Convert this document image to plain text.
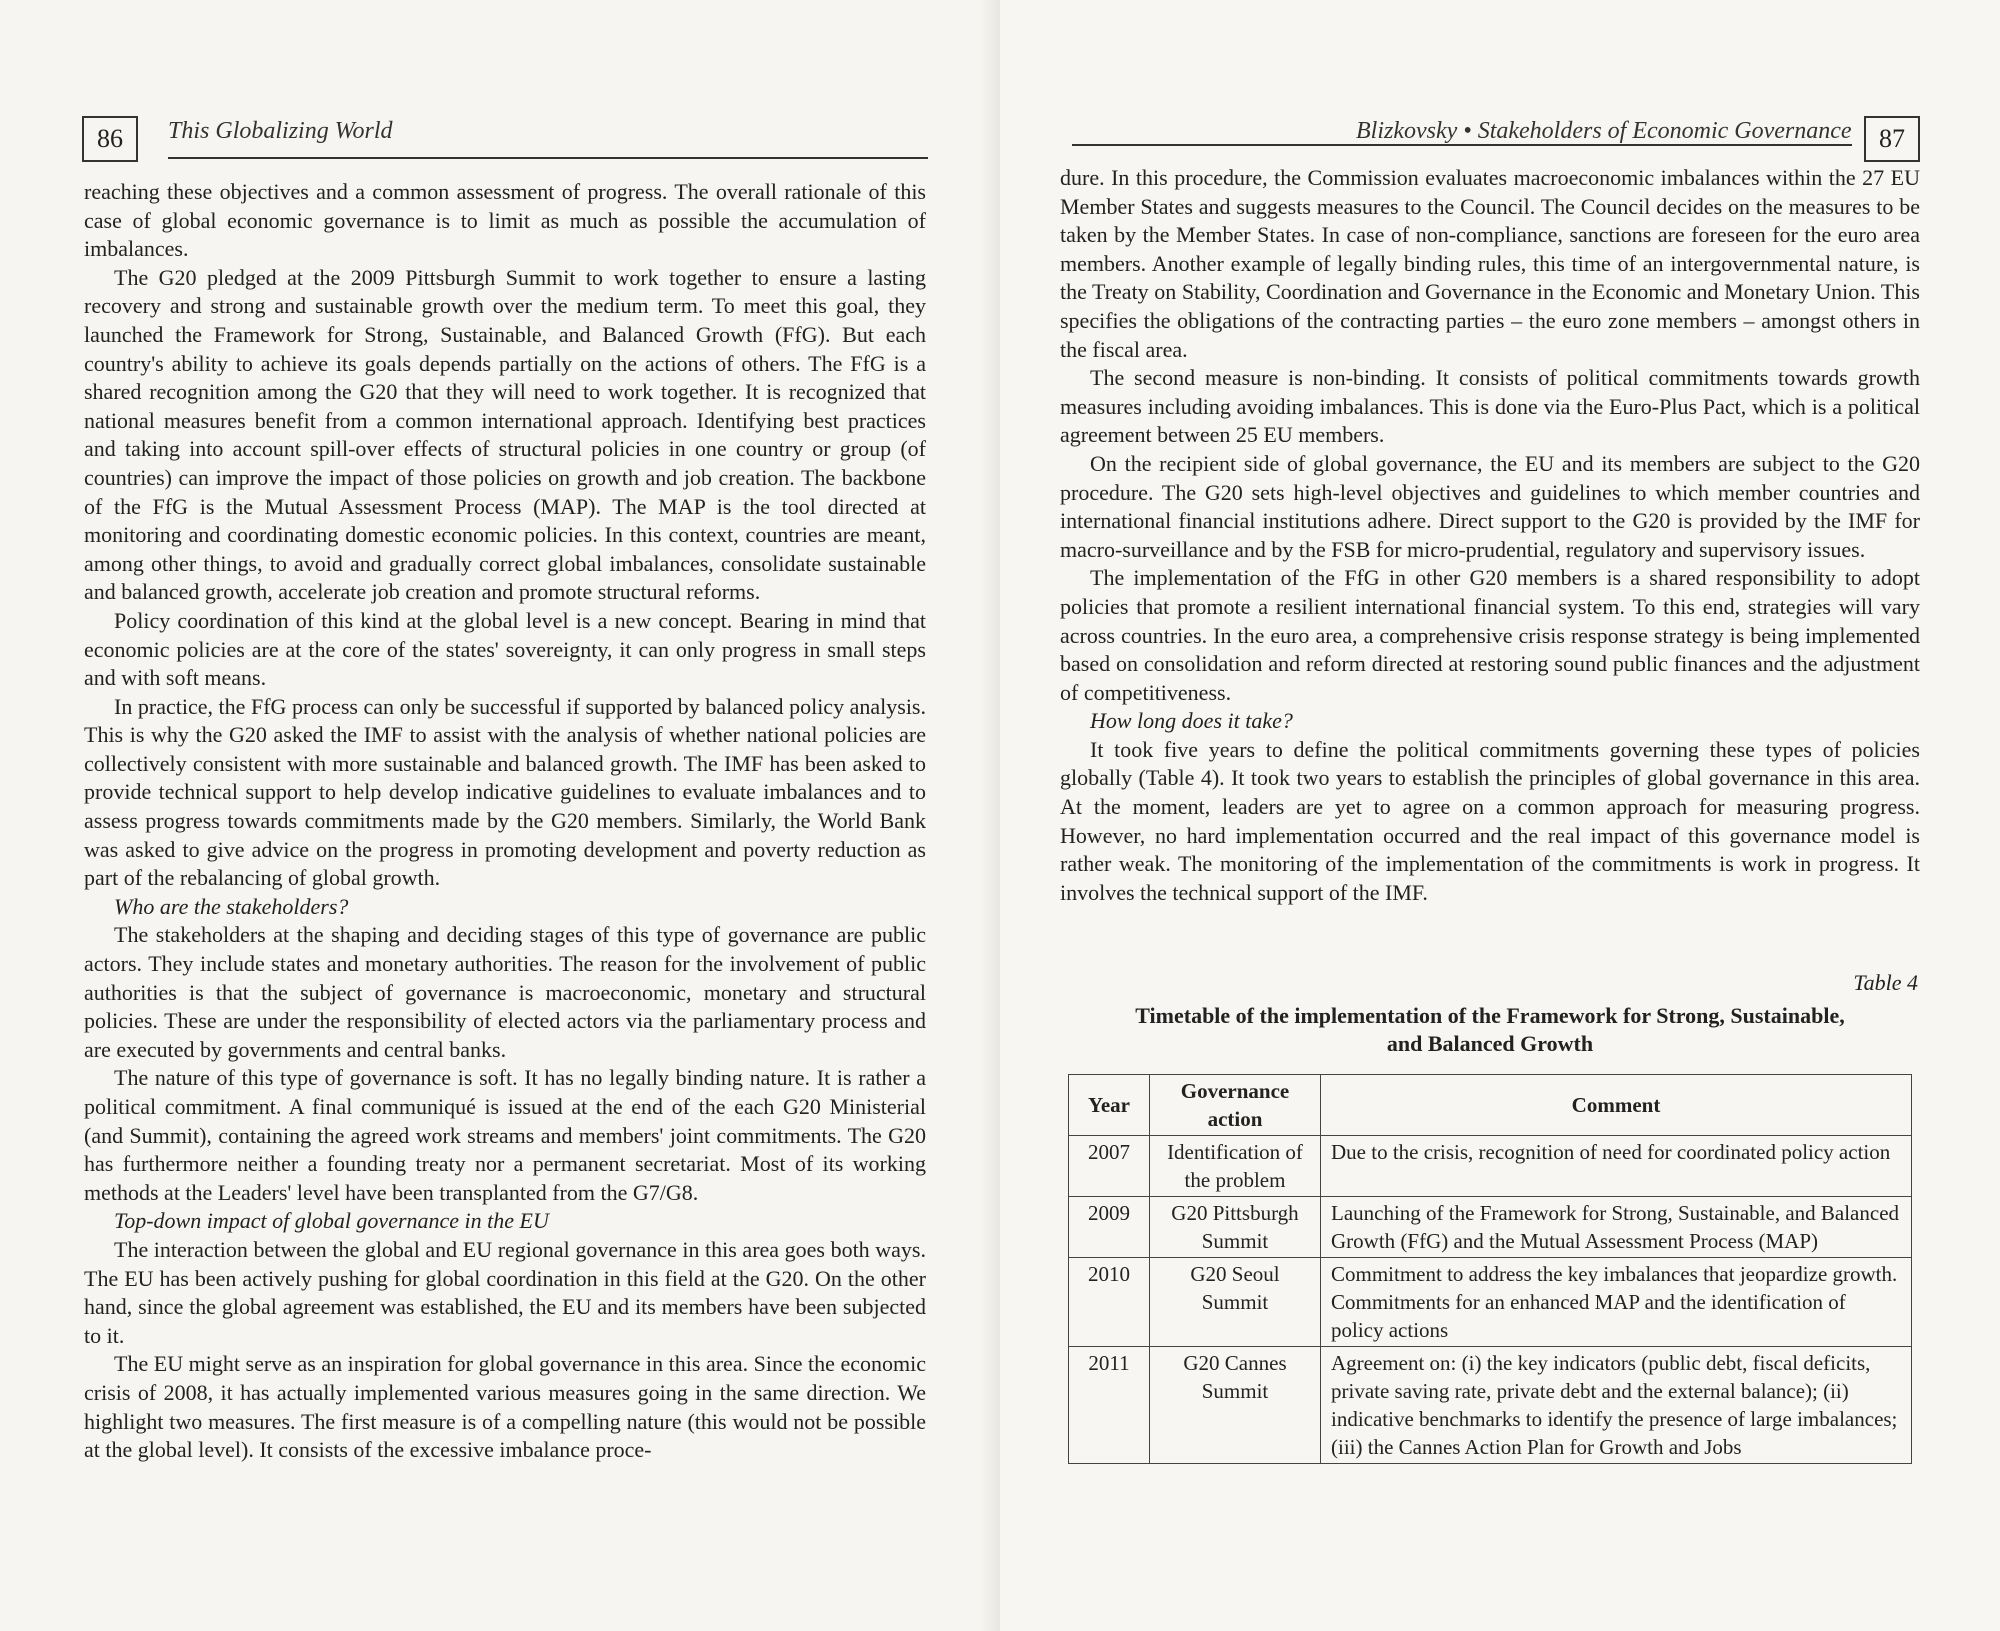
86	This Globalizing World

reaching these objectives and a common assessment of progress. The overall rationale of this case of global economic governance is to limit as much as possible the accumulation of imbalances.

The G20 pledged at the 2009 Pittsburgh Summit to work together to ensure a lasting recovery and strong and sustainable growth over the medium term. To meet this goal, they launched the Framework for Strong, Sustainable, and Balanced Growth (FfG). But each country's ability to achieve its goals depends partially on the actions of others. The FfG is a shared recognition among the G20 that they will need to work together. It is recognized that national measures benefit from a common international approach. Identifying best practices and taking into account spill-over effects of structural policies in one country or group (of countries) can improve the impact of those policies on growth and job creation. The backbone of the FfG is the Mutual Assessment Process (MAP). The MAP is the tool directed at monitoring and coordinating domestic economic policies. In this context, countries are meant, among other things, to avoid and gradually correct global imbalances, consolidate sustainable and balanced growth, accelerate job creation and promote structural reforms.

Policy coordination of this kind at the global level is a new concept. Bearing in mind that economic policies are at the core of the states' sovereignty, it can only progress in small steps and with soft means.

In practice, the FfG process can only be successful if supported by balanced policy analysis. This is why the G20 asked the IMF to assist with the analysis of whether national policies are collectively consistent with more sustainable and balanced growth. The IMF has been asked to provide technical support to help develop indicative guidelines to evaluate imbalances and to assess progress towards commitments made by the G20 members. Similarly, the World Bank was asked to give advice on the progress in promoting development and poverty reduction as part of the rebalancing of global growth.

Who are the stakeholders?

The stakeholders at the shaping and deciding stages of this type of governance are public actors. They include states and monetary authorities. The reason for the involvement of public authorities is that the subject of governance is macroeconomic, monetary and structural policies. These are under the responsibility of elected actors via the parliamentary process and are executed by governments and central banks.

The nature of this type of governance is soft. It has no legally binding nature. It is rather a political commitment. A final communiqué is issued at the end of the each G20 Ministerial (and Summit), containing the agreed work streams and members' joint commitments. The G20 has furthermore neither a founding treaty nor a permanent secretariat. Most of its working methods at the Leaders' level have been transplanted from the G7/G8.

Top-down impact of global governance in the EU

The interaction between the global and EU regional governance in this area goes both ways. The EU has been actively pushing for global coordination in this field at the G20. On the other hand, since the global agreement was established, the EU and its members have been subjected to it.

The EU might serve as an inspiration for global governance in this area. Since the economic crisis of 2008, it has actually implemented various measures going in the same direction. We highlight two measures. The first measure is of a compelling nature (this would not be possible at the global level). It consists of the excessive imbalance proce-

Blizkovsky • Stakeholders of Economic Governance	87

dure. In this procedure, the Commission evaluates macroeconomic imbalances within the 27 EU Member States and suggests measures to the Council. The Council decides on the measures to be taken by the Member States. In case of non-compliance, sanctions are foreseen for the euro area members. Another example of legally binding rules, this time of an intergovernmental nature, is the Treaty on Stability, Coordination and Governance in the Economic and Monetary Union. This specifies the obligations of the contracting parties – the euro zone members – amongst others in the fiscal area.

The second measure is non-binding. It consists of political commitments towards growth measures including avoiding imbalances. This is done via the Euro-Plus Pact, which is a political agreement between 25 EU members.

On the recipient side of global governance, the EU and its members are subject to the G20 procedure. The G20 sets high-level objectives and guidelines to which member countries and international financial institutions adhere. Direct support to the G20 is provided by the IMF for macro-surveillance and by the FSB for micro-prudential, regulatory and supervisory issues.

The implementation of the FfG in other G20 members is a shared responsibility to adopt policies that promote a resilient international financial system. To this end, strategies will vary across countries. In the euro area, a comprehensive crisis response strategy is being implemented based on consolidation and reform directed at restoring sound public finances and the adjustment of competitiveness.

How long does it take?

It took five years to define the political commitments governing these types of policies globally (Table 4). It took two years to establish the principles of global governance in this area. At the moment, leaders are yet to agree on a common approach for measuring progress. However, no hard implementation occurred and the real impact of this governance model is rather weak. The monitoring of the implementation of the commitments is work in progress. It involves the technical support of the IMF.

Table 4
Timetable of the implementation of the Framework for Strong, Sustainable,
and Balanced Growth
Year	Governance action	Comment
2007	Identification of the problem	Due to the crisis, recognition of need for coordinated policy action
2009	G20 Pittsburgh Summit	Launching of the Framework for Strong, Sustainable, and Balanced Growth (FfG) and the Mutual Assessment Process (MAP)
2010	G20 Seoul Summit	Commitment to address the key imbalances that jeopardize growth. Commitments for an enhanced MAP and the identification of policy actions
2011	G20 Cannes Summit	Agreement on: (i) the key indicators (public debt, fiscal deficits, private saving rate, private debt and the external balance); (ii) indicative benchmarks to identify the presence of large imbalances; (iii) the Cannes Action Plan for Growth and Jobs
